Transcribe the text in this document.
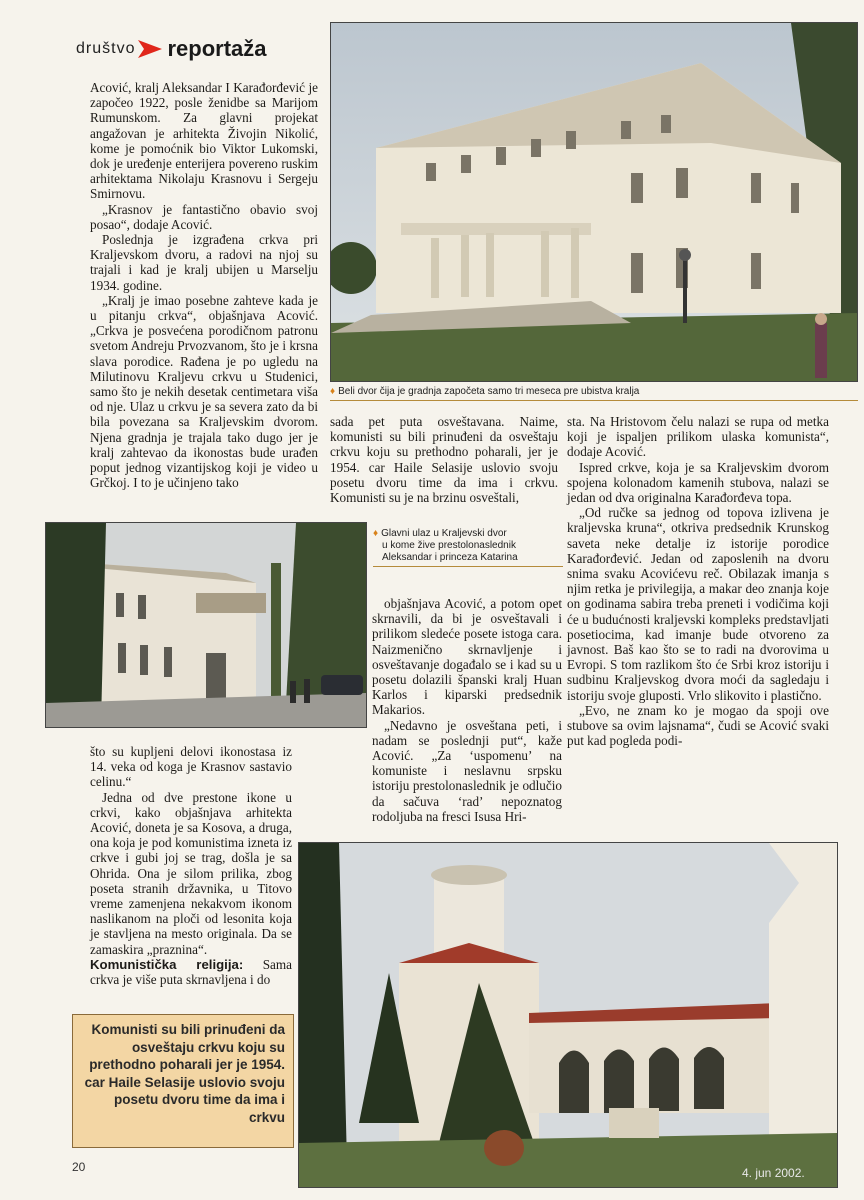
društvo reportaža
♦ Beli dvor čija je gradnja započeta samo tri meseca pre ubistva kralja

Acović, kralj Aleksandar I Karađorđević je započeo 1922, posle ženidbe sa Marijom Rumunskom. Za glavni projekat angažovan je arhitekta Živojin Nikolić, kome je pomoćnik bio Viktor Lukomski, dok je uređenje enterijera povereno ruskim arhitektama Nikolaju Krasnovu i Sergeju Smirnovu.

„Krasnov je fantastično obavio svoj posao“, dodaje Acović.

Poslednja je izgrađena crkva pri Kraljevskom dvoru, a radovi na njoj su trajali i kad je kralj ubijen u Marselju 1934. godine.

„Kralj je imao posebne zahteve kada je u pitanju crkva“, objašnjava Acović. „Crkva je posvećena porodičnom patronu svetom Andreju Prvozvanom, što je i krsna slava porodice. Rađena je po ugledu na Milutinovu Kraljevu crkvu u Studenici, samo što je nekih desetak centimetara viša od nje. Ulaz u crkvu je sa severa zato da bi bila povezana sa Kraljevskim dvorom. Njena gradnja je trajala tako dugo jer je kralj zahtevao da ikonostas bude urađen poput jednog vizantijskog koji je video u Grčkoj. I to je učinjeno tako

sada pet puta osveštavana. Naime, komunisti su bili prinuđeni da osveštaju crkvu koju su prethodno poharali, jer je 1954. car Haile Selasije uslovio svoju posetu dvoru time da ima i crkvu. Komunisti su je na brzinu osveštali,

sta. Na Hristovom čelu nalazi se rupa od metka koji je ispaljen prilikom ulaska komunista“, dodaje Acović.

Ispred crkve, koja je sa Kraljevskim dvorom spojena kolonadom kamenih stubova, nalazi se jedan od dva originalna Karađorđeva topa.

„Od ručke sa jednog od topova izlivena je kraljevska kruna“, otkriva predsednik Krunskog saveta neke detalje iz istorije porodice Karađorđević. Jedan od zaposlenih na dvoru snima svaku Acovićevu reč. Obilazak imanja s njim retka je privilegija, a makar deo znanja koje on godinama sabira treba preneti i vodičima koji će u budućnosti kraljevski kompleks predstavljati posetiocima, kad imanje bude otvoreno za javnost. Baš kao što se to radi na dvorovima u Evropi. S tom razlikom što će Srbi kroz istoriju i sudbinu Kraljevskog dvora moći da sagledaju i istoriju svoje gluposti. Vrlo slikovito i plastično.

„Evo, ne znam ko je mogao da spoji ove stubove sa ovim lajsnama“, čudi se Acović svaki put kad pogleda podi-

♦ Glavni ulaz u Kraljevski dvor
u kome žive prestolonaslednik
Aleksandar i princeza Katarina

objašnjava Acović, a potom opet skrnavili, da bi je osveštavali i prilikom sledeće posete istoga cara. Naizmenično skrnavljenje i osveštavanje događalo se i kad su u posetu dolazili španski kralj Huan Karlos i kiparski predsednik Makarios.

„Nedavno je osveštana peti, i nadam se poslednji put“, kaže Acović. „Za ‘uspomenu’ na komuniste i neslavnu srpsku istoriju prestolonaslednik je odlučio da sačuva ‘rad’ nepoznatog rodoljuba na fresci Isusa Hri-

što su kupljeni delovi ikonostasa iz 14. veka od koga je Krasnov sastavio celinu.“

Jedna od dve prestone ikone u crkvi, kako objašnjava arhitekta Acović, doneta je sa Kosova, a druga, ona koja je pod komunistima izneta iz crkve i gubi joj se trag, došla je sa Ohrida. Ona je silom prilika, zbog poseta stranih državnika, u Titovo vreme zamenjena nekakvom ikonom naslikanom na ploči od lesonita koja je stavljena na mesto originala. Da se zamaskira „praznina“.

Komunistička religija: Sama crkva je više puta skrnavljena i do

Komunisti su bili prinuđeni da osveštaju crkvu koju su prethodno poharali jer je 1954. car Haile Selasije uslovio svoju posetu dvoru time da ima i crkvu
20	4. jun 2002.
